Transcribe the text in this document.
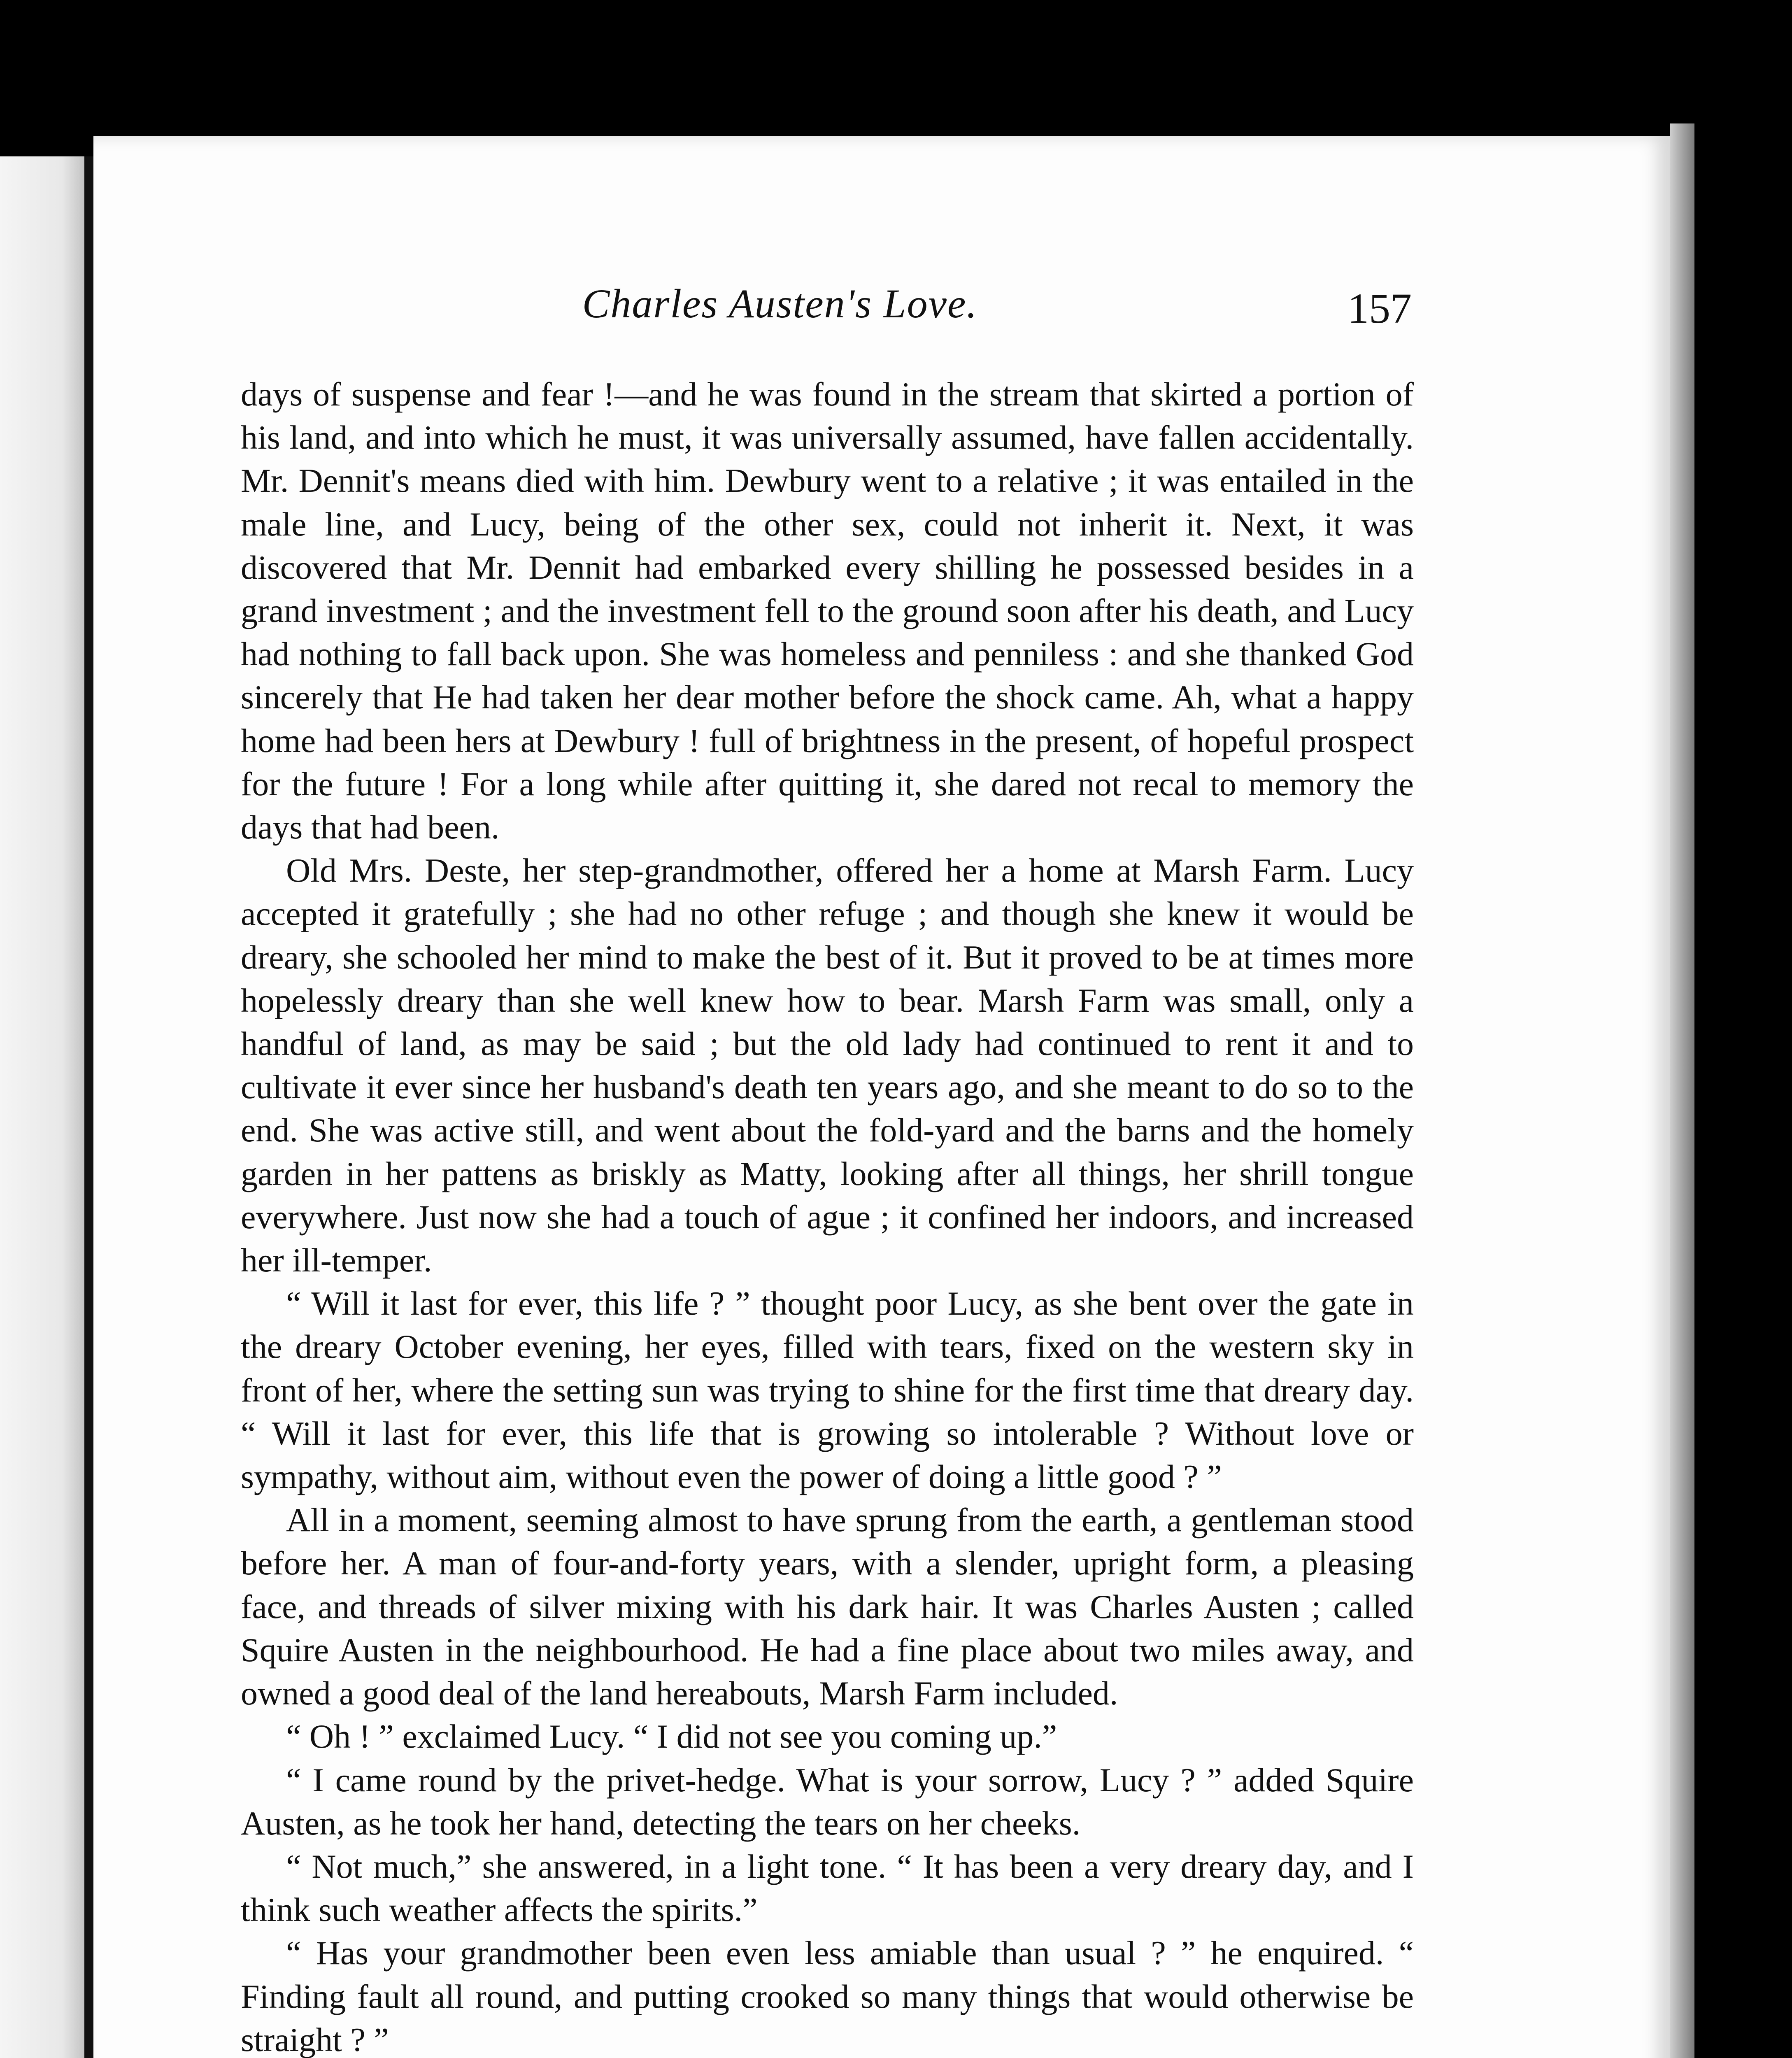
Charles Austen's Love.	157

days of suspense and fear !—and he was found in the stream that skirted a portion of his land, and into which he must, it was universally assumed, have fallen accidentally. Mr. Dennit's means died with him. Dewbury went to a relative ; it was entailed in the male line, and Lucy, being of the other sex, could not inherit it. Next, it was discovered that Mr. Dennit had embarked every shilling he possessed besides in a grand investment ; and the investment fell to the ground soon after his death, and Lucy had nothing to fall back upon. She was homeless and penniless : and she thanked God sincerely that He had taken her dear mother before the shock came. Ah, what a happy home had been hers at Dewbury ! full of brightness in the present, of hopeful prospect for the future ! For a long while after quitting it, she dared not recal to memory the days that had been.

Old Mrs. Deste, her step-grandmother, offered her a home at Marsh Farm. Lucy accepted it gratefully ; she had no other refuge ; and though she knew it would be dreary, she schooled her mind to make the best of it. But it proved to be at times more hopelessly dreary than she well knew how to bear. Marsh Farm was small, only a handful of land, as may be said ; but the old lady had continued to rent it and to cultivate it ever since her husband's death ten years ago, and she meant to do so to the end. She was active still, and went about the fold-yard and the barns and the homely garden in her pattens as briskly as Matty, looking after all things, her shrill tongue everywhere. Just now she had a touch of ague ; it confined her indoors, and increased her ill-temper.

“ Will it last for ever, this life ? ” thought poor Lucy, as she bent over the gate in the dreary October evening, her eyes, filled with tears, fixed on the western sky in front of her, where the setting sun was trying to shine for the first time that dreary day. “ Will it last for ever, this life that is growing so intolerable ? Without love or sympathy, without aim, without even the power of doing a little good ? ”

All in a moment, seeming almost to have sprung from the earth, a gentleman stood before her. A man of four-and-forty years, with a slender, upright form, a pleasing face, and threads of silver mixing with his dark hair. It was Charles Austen ; called Squire Austen in the neighbourhood. He had a fine place about two miles away, and owned a good deal of the land hereabouts, Marsh Farm included.

“ Oh ! ” exclaimed Lucy. “ I did not see you coming up.”

“ I came round by the privet-hedge. What is your sorrow, Lucy ? ” added Squire Austen, as he took her hand, detecting the tears on her cheeks.

“ Not much,” she answered, in a light tone. “ It has been a very dreary day, and I think such weather affects the spirits.”

“ Has your grandmother been even less amiable than usual ? ” he enquired. “ Finding fault all round, and putting crooked so many things that would otherwise be straight ? ”
